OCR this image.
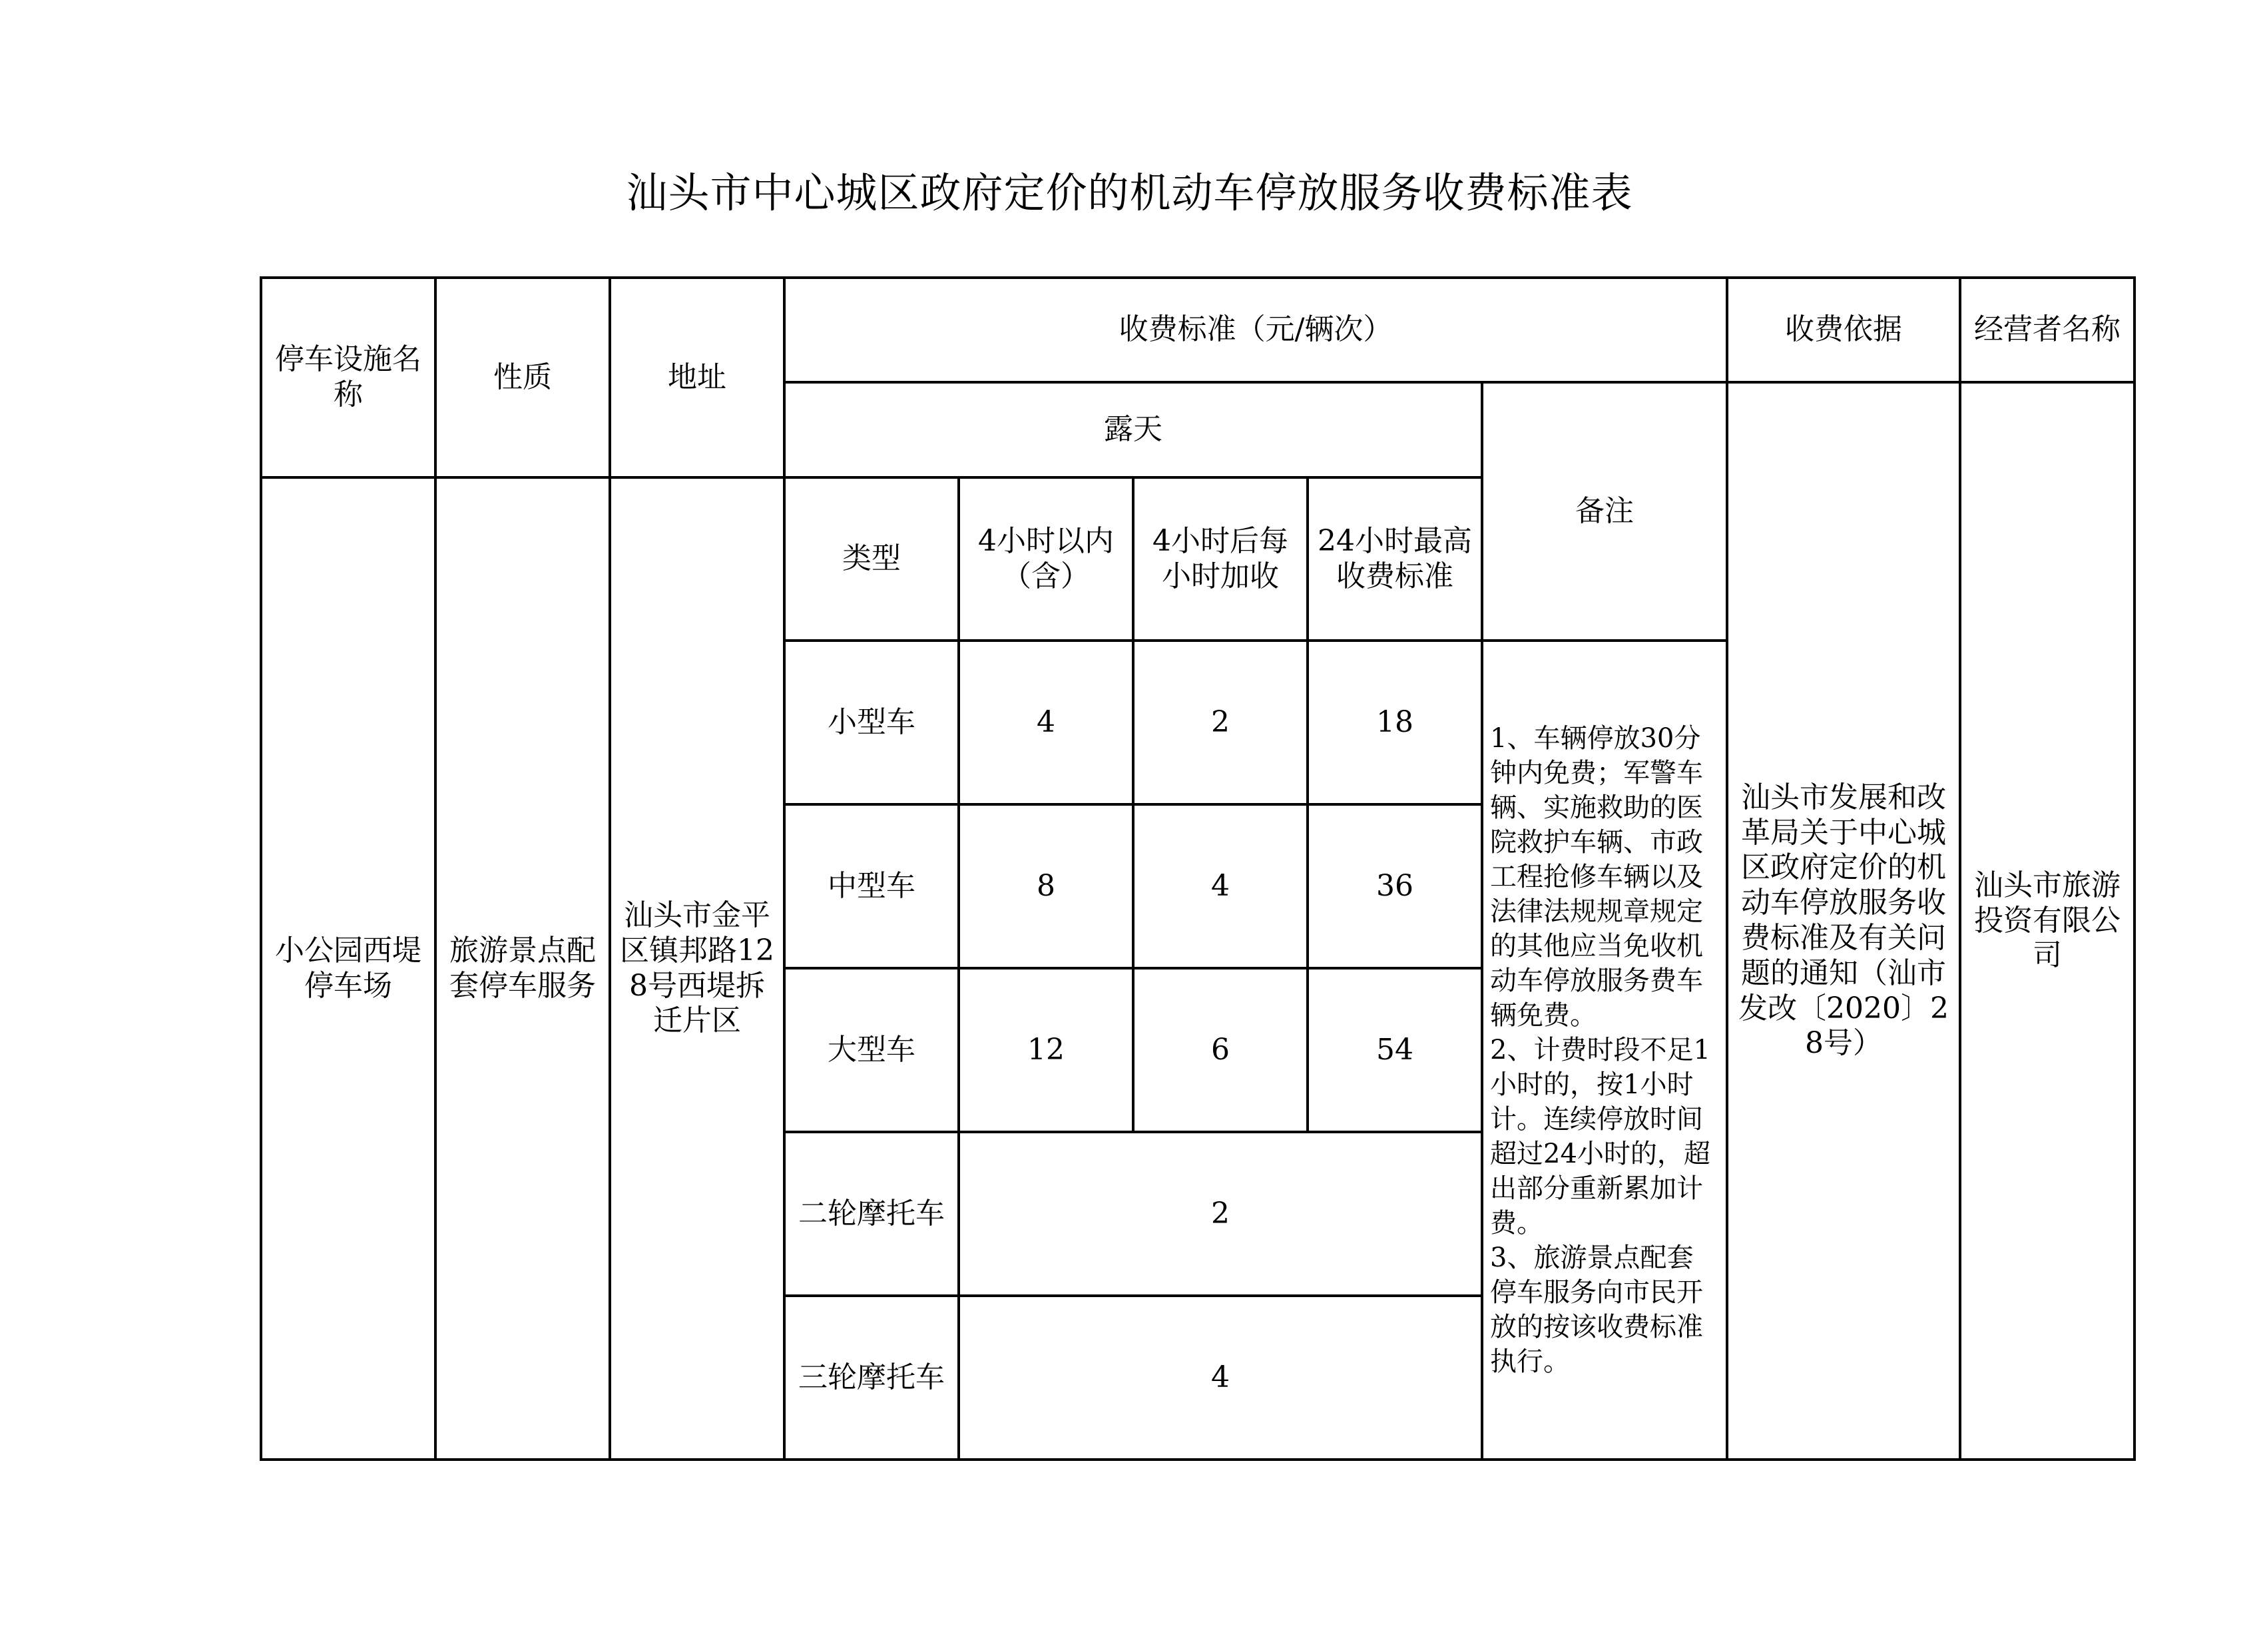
汕头市中心城区政府定价的机动车停放服务收费标准表
停车设施名称	性质	地址	收费标准（元/辆次）					收费依据	经营者名称
			露天				备注	汕头市发展和改革局关于中心城区政府定价的机动车停放服务收费标准及有关问题的通知（汕市发改〔2020〕28号）	汕头市旅游投资有限公司
小公园西堤停车场	旅游景点配套停车服务	汕头市金平区镇邦路128号西堤拆迁片区	类型	4小时以内（含）	4小时后每小时加收	24小时最高收费标准			
			小型车	4	2	18	1、车辆停放30分钟内免费；军警车辆、实施救助的医院救护车辆、市政工程抢修车辆以及法律法规规章规定的其他应当免收机动车停放服务费车辆免费。
2、计费时段不足1小时的，按1小时计。连续停放时间超过24小时的，超出部分重新累加计费。
3、旅游景点配套停车服务向市民开放的按该收费标准执行。		
			中型车	8	4	36			
			大型车	12	6	54			
			二轮摩托车	2					
			三轮摩托车	4					
